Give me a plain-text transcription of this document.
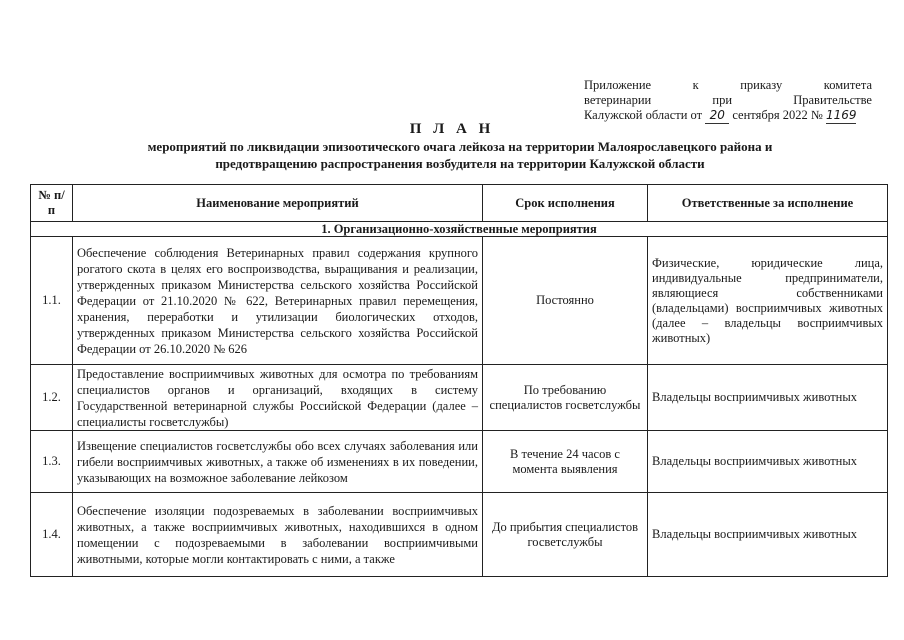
Приложение	к	приказу	комитета
ветеринарии	при	Правительстве
Калужской области от 20 сентября 2022 № 1169
П Л А Н
мероприятий по ликвидации эпизоотического очага лейкоза на территории Малоярославецкого района и предотвращению распространения возбудителя на территории Калужской области
№ п/п	Наименование мероприятий	Срок исполнения	Ответственные за исполнение
1. Организационно-хозяйственные мероприятия			
1.1.	Обеспечение соблюдения Ветеринарных правил содержания крупного рогатого скота в целях его воспроизводства, выращивания и реализации, утвержденных приказом Министерства сельского хозяйства Российской Федерации от 21.10.2020 № 622, Ветеринарных правил перемещения, хранения, переработки и утилизации биологических отходов, утвержденных приказом Министерства сельского хозяйства Российской Федерации от 26.10.2020 № 626	Постоянно	Физические, юридические лица, индивидуальные предприниматели, являющиеся собственниками (владельцами) восприимчивых животных (далее – владельцы восприимчивых животных)
1.2.	Предоставление восприимчивых животных для осмотра по требованиям специалистов органов и организаций, входящих в систему Государственной ветеринарной службы Российской Федерации (далее – специалисты госветслужбы)	По требованию специалистов госветслужбы	Владельцы восприимчивых животных
1.3.	Извещение специалистов госветслужбы обо всех случаях заболевания или гибели восприимчивых животных, а также об изменениях в их поведении, указывающих на возможное заболевание лейкозом	В течение 24 часов с момента выявления	Владельцы восприимчивых животных
1.4.	Обеспечение изоляции подозреваемых в заболевании восприимчивых животных, а также восприимчивых животных, находившихся в одном помещении с подозреваемыми в заболевании восприимчивыми животными, которые могли контактировать с ними, а также	До прибытия специалистов госветслужбы	Владельцы восприимчивых животных
